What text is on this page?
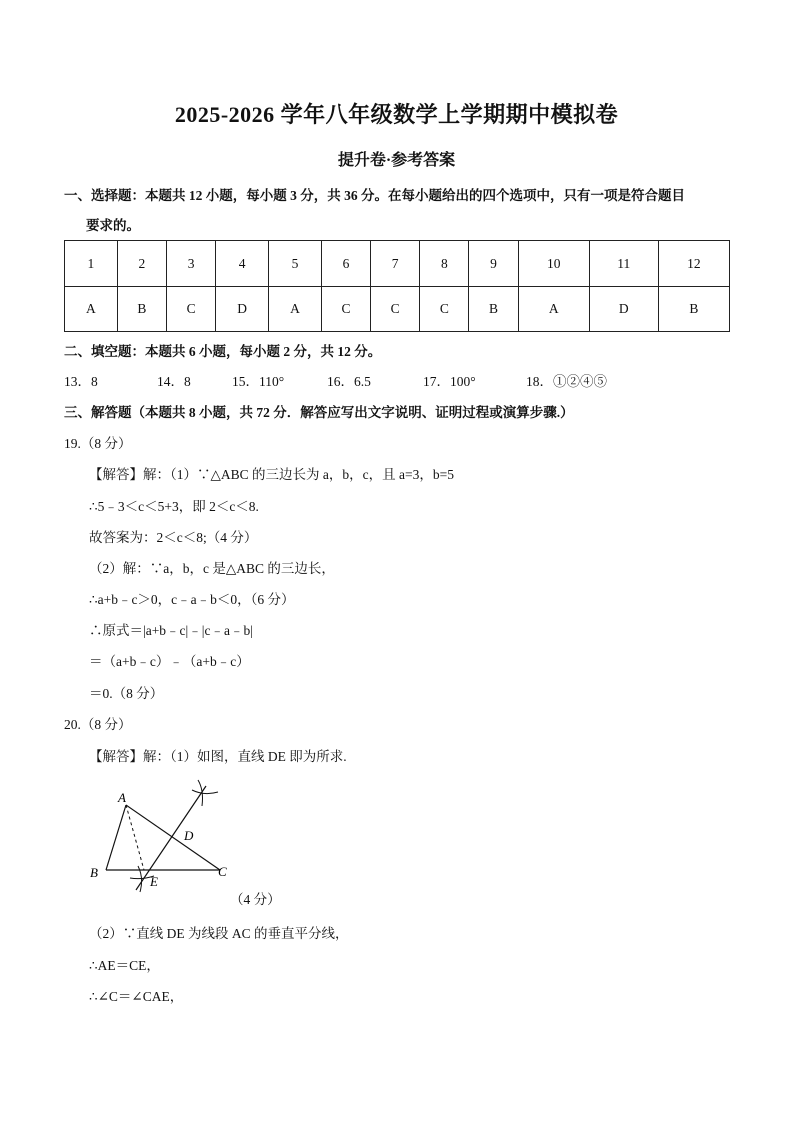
2025-2026 学年八年级数学上学期期中模拟卷
提升卷·参考答案
一、选择题：本题共 12 小题，每小题 3 分，共 36 分。在每小题给出的四个选项中，只有一项是符合题目
要求的。
1	2	3	4	5	6	7	8	9	10	11	12
A	B	C	D	A	C	C	C	B	A	D	B
二、填空题：本题共 6 小题，每小题 2 分，共 12 分。
13．8	14．8	15．110°	16．6.5	17．100°	18．①②④⑤
三、解答题（本题共 8 小题，共 72 分．解答应写出文字说明、证明过程或演算步骤.）
19.（8 分）
【解答】解：（1）∵△ABC 的三边长为 a，b，c，且 a=3，b=5
∴5﹣3＜c＜5+3，即 2＜c＜8.
故答案为：2＜c＜8;（4 分）
（2）解：∵a，b，c 是△ABC 的三边长，
∴a+b﹣c＞0，c﹣a﹣b＜0，（6 分）
∴原式＝|a+b﹣c|﹣|c﹣a﹣b|
＝（a+b﹣c）﹣（a+b﹣c）
＝0.（8 分）
20.（8 分）
【解答】解：（1）如图，直线 DE 即为所求.
A
B	C
D
E
（4 分）
（2）∵直线 DE 为线段 AC 的垂直平分线，
∴AE＝CE，
∴∠C＝∠CAE，
